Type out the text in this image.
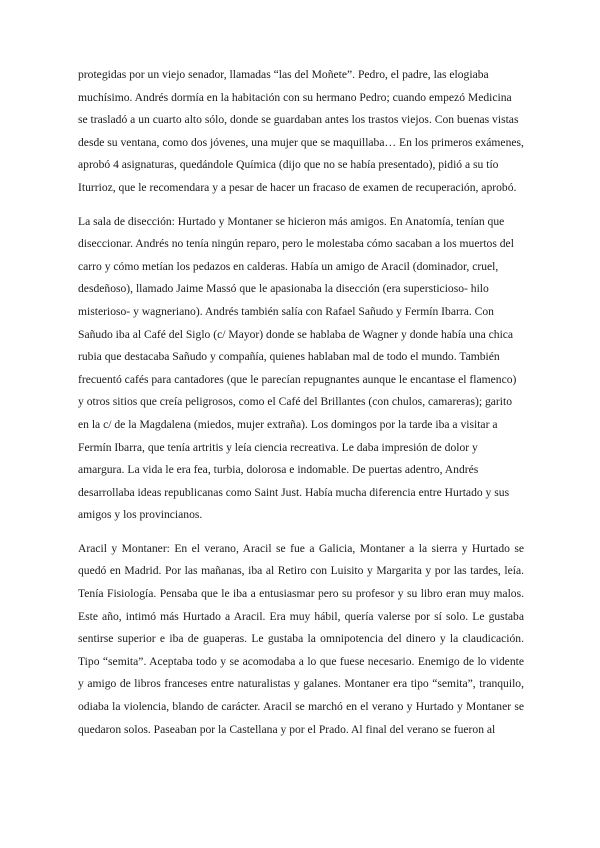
protegidas por un viejo senador, llamadas “las del Moñete”. Pedro, el padre, las elogiaba muchísimo. Andrés dormía en la habitación con su hermano Pedro; cuando empezó Medicina se trasladó a un cuarto alto sólo, donde se guardaban antes los trastos viejos. Con buenas vistas desde su ventana, como dos jóvenes, una mujer que se maquillaba… En los primeros exámenes, aprobó 4 asignaturas, quedándole Química (dijo que no se había presentado), pidió a su tío Iturrioz, que le recomendara y a pesar de hacer un fracaso de examen de recuperación, aprobó.

La sala de disección: Hurtado y Montaner se hicieron más amigos. En Anatomía, tenían que diseccionar. Andrés no tenía ningún reparo, pero le molestaba cómo sacaban a los muertos del carro y cómo metían los pedazos en calderas. Había un amigo de Aracil (dominador, cruel, desdeñoso), llamado Jaime Massó que le apasionaba la disección (era supersticioso- hilo misterioso- y wagneriano). Andrés también salía con Rafael Sañudo y Fermín Ibarra. Con Sañudo iba al Café del Siglo (c/ Mayor) donde se hablaba de Wagner y donde había una chica rubia que destacaba Sañudo y compañía, quienes hablaban mal de todo el mundo. También frecuentó cafés para cantadores (que le parecían repugnantes aunque le encantase el flamenco) y otros sitios que creía peligrosos, como el Café del Brillantes (con chulos, camareras); garito en la c/ de la Magdalena (miedos, mujer extraña). Los domingos por la tarde iba a visitar a Fermín Ibarra, que tenía artritis y leía ciencia recreativa. Le daba impresión de dolor y amargura. La vida le era fea, turbia, dolorosa e indomable. De puertas adentro, Andrés desarrollaba ideas republicanas como Saint Just. Había mucha diferencia entre Hurtado y sus amigos y los provincianos.

Aracil y Montaner: En el verano, Aracil se fue a Galicia, Montaner a la sierra y Hurtado se quedó en Madrid. Por las mañanas, iba al Retiro con Luisito y Margarita y por las tardes, leía. Tenía Fisiología. Pensaba que le iba a entusiasmar pero su profesor y su libro eran muy malos. Este año, intimó más Hurtado a Aracil. Era muy hábil, quería valerse por sí solo. Le gustaba sentirse superior e iba de guaperas. Le gustaba la omnipotencia del dinero y la claudicación. Tipo “semita”. Aceptaba todo y se acomodaba a lo que fuese necesario. Enemigo de lo vidente y amigo de libros franceses entre naturalistas y galanes. Montaner era tipo “semita”, tranquilo, odiaba la violencia, blando de carácter. Aracil se marchó en el verano y Hurtado y Montaner se quedaron solos. Paseaban por la Castellana y por el Prado. Al final del verano se fueron al
